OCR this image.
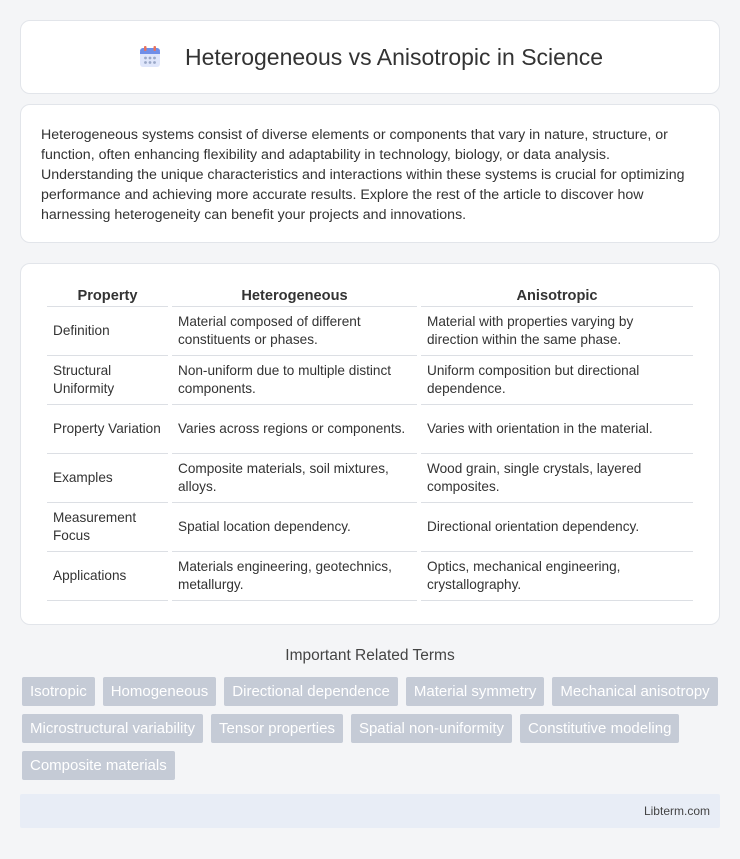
Heterogeneous vs Anisotropic in Science

Heterogeneous systems consist of diverse elements or components that vary in nature, structure, or function, often enhancing flexibility and adaptability in technology, biology, or data analysis. Understanding the unique characteristics and interactions within these systems is crucial for optimizing performance and achieving more accurate results. Explore the rest of the article to discover how harnessing heterogeneity can benefit your projects and innovations.

Property	Heterogeneous	Anisotropic
Definition	Material composed of different constituents or phases.	Material with properties varying by direction within the same phase.
Structural Uniformity	Non-uniform due to multiple distinct components.	Uniform composition but directional dependence.
Property Variation	Varies across regions or components.	Varies with orientation in the material.
Examples	Composite materials, soil mixtures, alloys.	Wood grain, single crystals, layered composites.
Measurement Focus	Spatial location dependency.	Directional orientation dependency.
Applications	Materials engineering, geotechnics, metallurgy.	Optics, mechanical engineering, crystallography.
Important Related Terms
Isotropic	Homogeneous	Directional dependence	Material symmetry	Mechanical anisotropy
Microstructural variability	Tensor properties	Spatial non-uniformity	Constitutive modeling
Composite materials
Libterm.com
